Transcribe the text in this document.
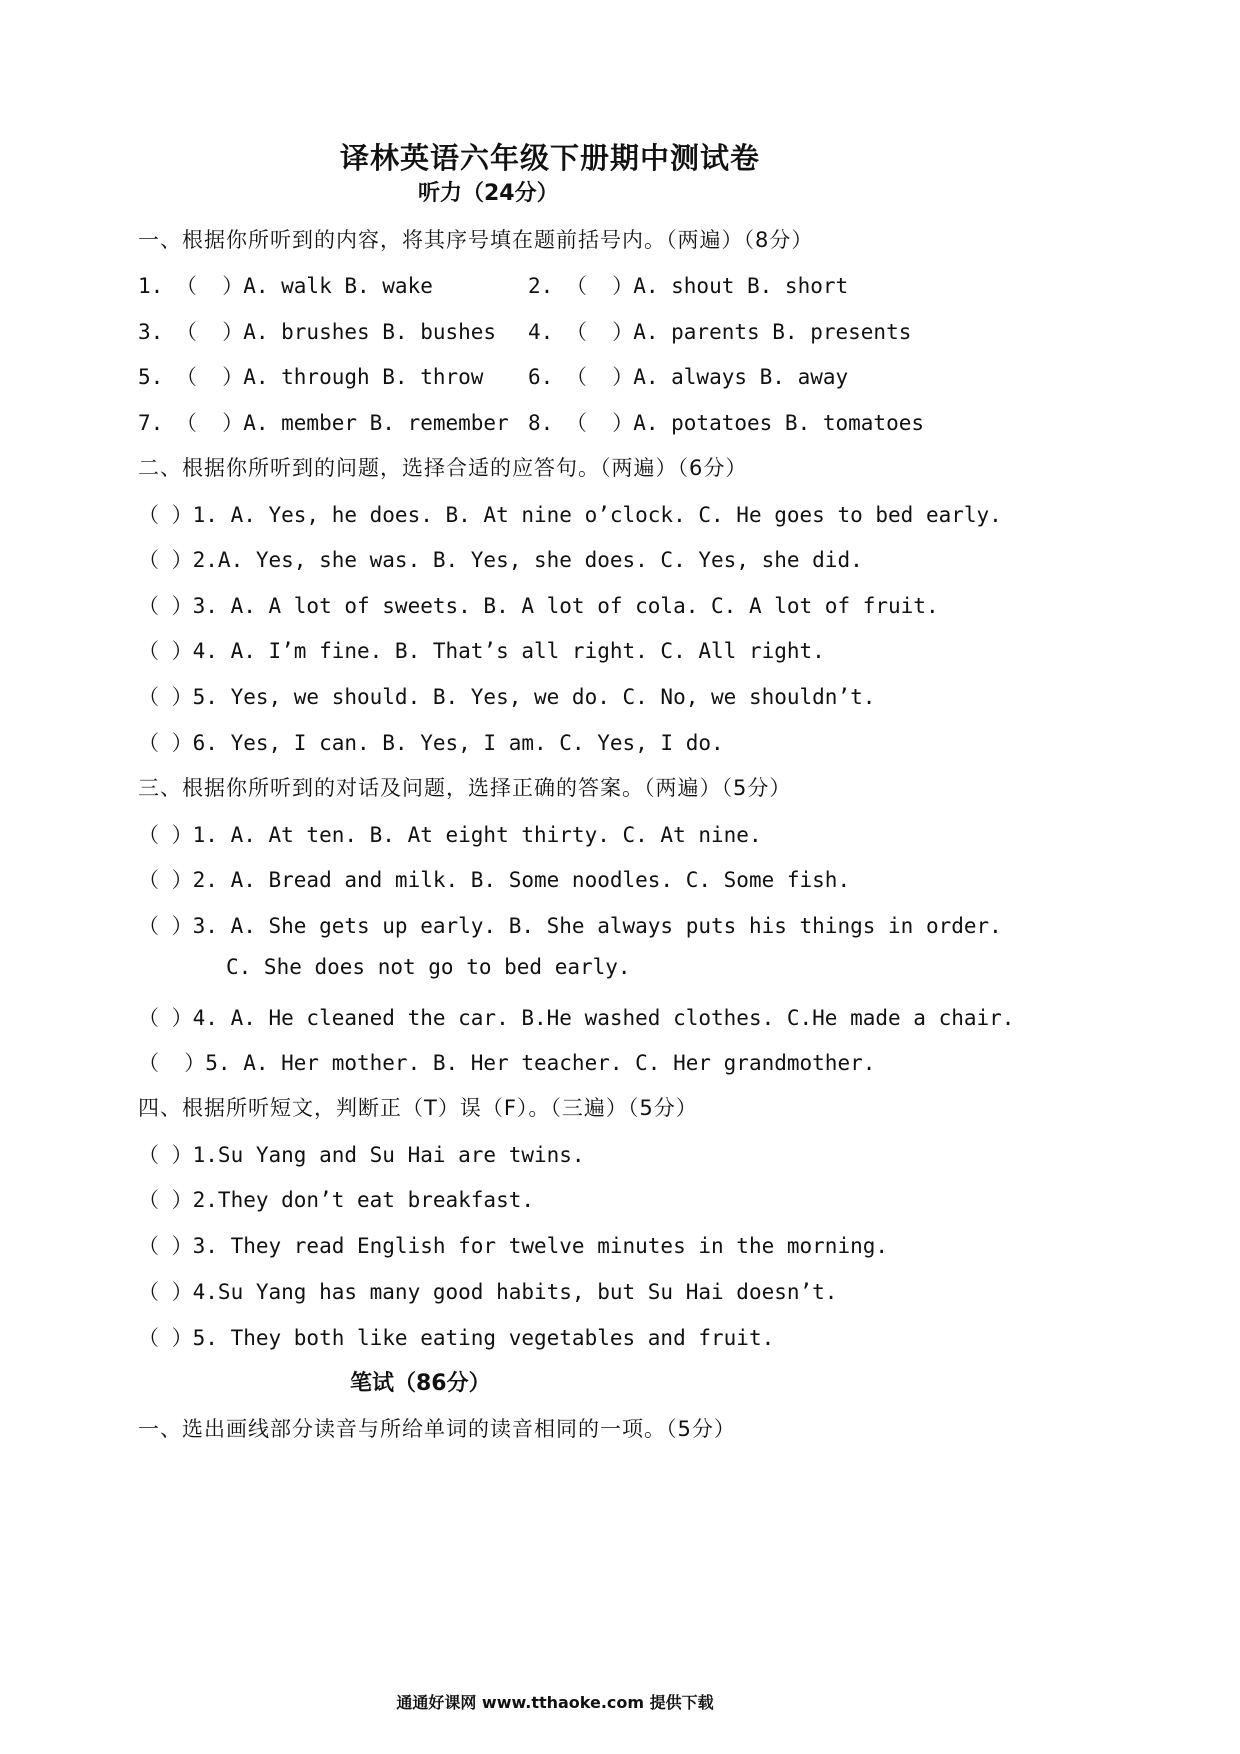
译林英语六年级下册期中测试卷
听力（24分）
一、根据你所听到的内容，将其序号填在题前括号内。（两遍）（8分）
1. （  ）A. walk B. wake	2. （  ）A. shout B. short
3. （  ）A. brushes B. bushes 4. （  ）A. parents B. presents
5. （  ）A. through B. throw 6. （  ）A. always B. away
7. （  ）A. member B. remember 8. （  ）A. potatoes B. tomatoes
二、根据你所听到的问题，选择合适的应答句。（两遍）（6分）
（ ）1. A. Yes, he does. B. At nine o’clock. C. He goes to bed early.
（ ）2.A. Yes, she was. B. Yes, she does. C. Yes, she did.
（ ）3. A. A lot of sweets. B. A lot of cola. C. A lot of fruit.
（ ）4. A. I’m fine. B. That’s all right. C. All right.
（ ）5. Yes, we should. B. Yes, we do. C. No, we shouldn’t.
（ ）6. Yes, I can. B. Yes, I am. C. Yes, I do.
三、根据你所听到的对话及问题，选择正确的答案。（两遍）（5分）
（ ）1. A. At ten. B. At eight thirty. C. At nine.
（ ）2. A. Bread and milk. B. Some noodles. C. Some fish.
（ ）3. A. She gets up early. B. She always puts his things in order.
C. She does not go to bed early.
（ ）4. A. He cleaned the car. B.He washed clothes. C.He made a chair.
（  ）5. A. Her mother. B. Her teacher. C. Her grandmother.
四、根据所听短文，判断正（T）误（F）。（三遍）（5分）
（ ）1.Su Yang and Su Hai are twins.
（ ）2.They don’t eat breakfast.
（ ）3. They read English for twelve minutes in the morning.
（ ）4.Su Yang has many good habits, but Su Hai doesn’t.
（ ）5. They both like eating vegetables and fruit.
笔试（86分）
一、选出画线部分读音与所给单词的读音相同的一项。（5分）
通通好课网 www.tthaoke.com 提供下载
